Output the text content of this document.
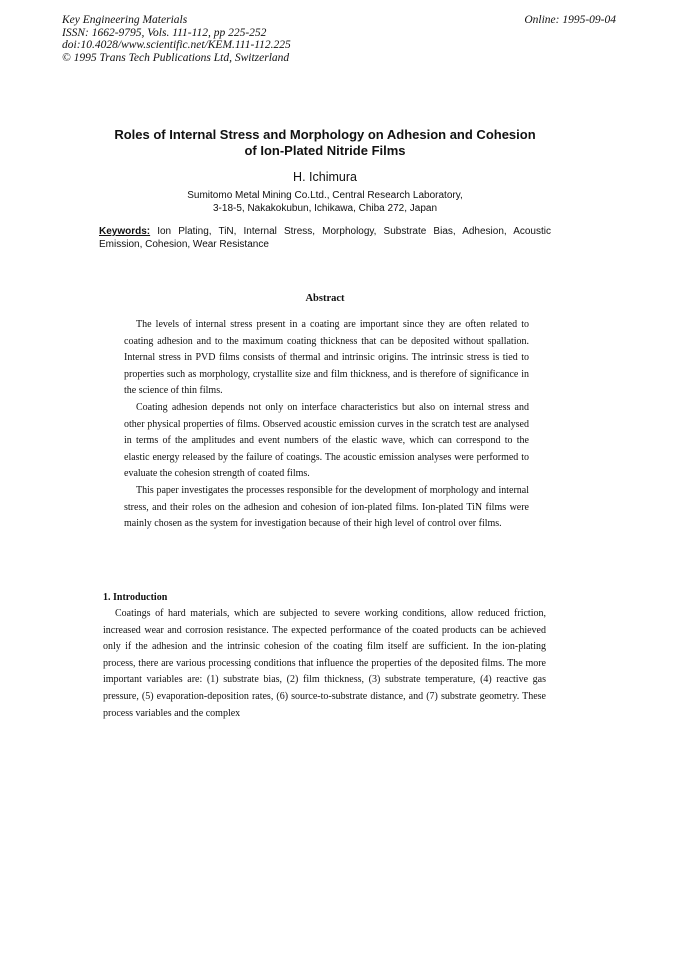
Key Engineering Materials
ISSN: 1662-9795, Vols. 111-112, pp 225-252
doi:10.4028/www.scientific.net/KEM.111-112.225
© 1995 Trans Tech Publications Ltd, Switzerland
Online: 1995-09-04
Roles of Internal Stress and Morphology on Adhesion and Cohesion
of Ion-Plated Nitride Films
H. Ichimura
Sumitomo Metal Mining Co.Ltd., Central Research Laboratory,
3-18-5, Nakakokubun, Ichikawa, Chiba 272, Japan
Keywords: Ion Plating, TiN, Internal Stress, Morphology, Substrate Bias, Adhesion, Acoustic Emission, Cohesion, Wear Resistance
Abstract

The levels of internal stress present in a coating are important since they are often related to coating adhesion and to the maximum coating thickness that can be deposited without spallation. Internal stress in PVD films consists of thermal and intrinsic origins. The intrinsic stress is tied to properties such as morphology, crystallite size and film thickness, and is therefore of significance in the science of thin films.

Coating adhesion depends not only on interface characteristics but also on internal stress and other physical properties of films. Observed acoustic emission curves in the scratch test are analysed in terms of the amplitudes and event numbers of the elastic wave, which can correspond to the elastic energy released by the failure of coatings. The acoustic emission analyses were performed to evaluate the cohesion strength of coated films.

This paper investigates the processes responsible for the development of morphology and internal stress, and their roles on the adhesion and cohesion of ion-plated films. Ion-plated TiN films were mainly chosen as the system for investigation because of their high level of control over films.

1. Introduction

Coatings of hard materials, which are subjected to severe working conditions, allow reduced friction, increased wear and corrosion resistance. The expected performance of the coated products can be achieved only if the adhesion and the intrinsic cohesion of the coating film itself are sufficient. In the ion-plating process, there are various processing conditions that influence the properties of the deposited films. The more important variables are: (1) substrate bias, (2) film thickness, (3) substrate temperature, (4) reactive gas pressure, (5) evaporation-deposition rates, (6) source-to-substrate distance, and (7) substrate geometry. These process variables and the complex
